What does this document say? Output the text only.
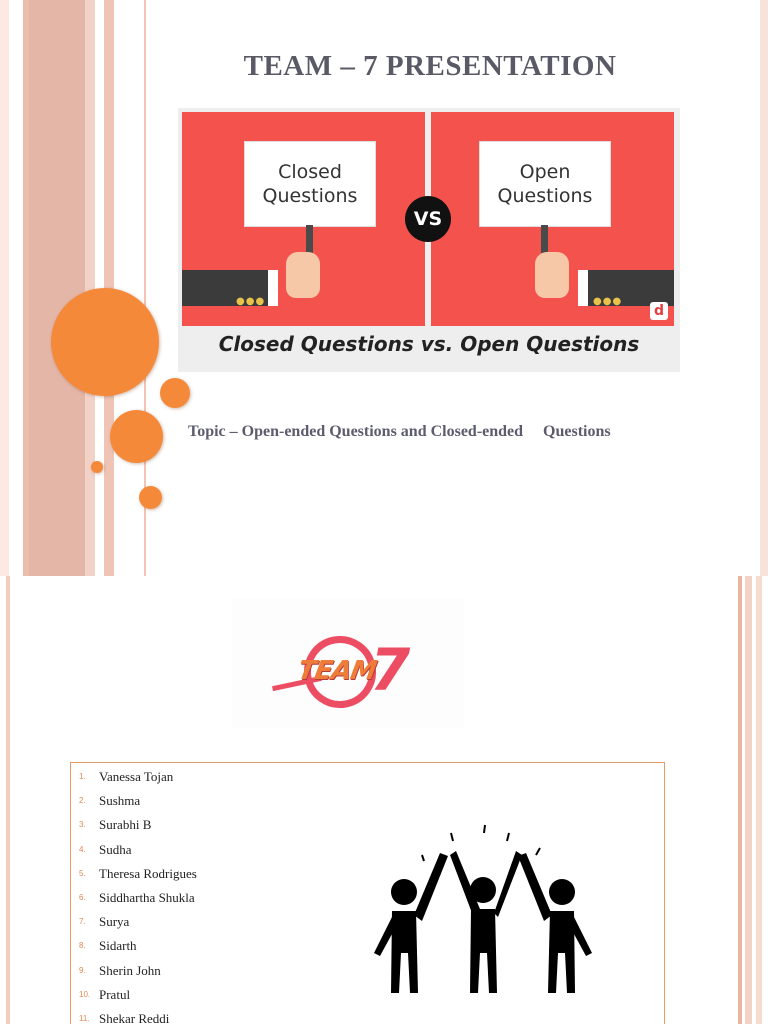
TEAM – 7 PRESENTATION
Closed
Questions
●●●
Open
Questions
●●●
VS
d
Closed Questions vs. Open Questions
Topic – Open-ended Questions and Closed-ended     Questions
TEAM
7
1.	Vanessa Tojan
2.	Sushma
3.	Surabhi B
4.	Sudha
5.	Theresa Rodrigues
6.	Siddhartha Shukla
7.	Surya
8.	Sidarth
9.	Sherin John
10. Pratul
11. Shekar Reddi
